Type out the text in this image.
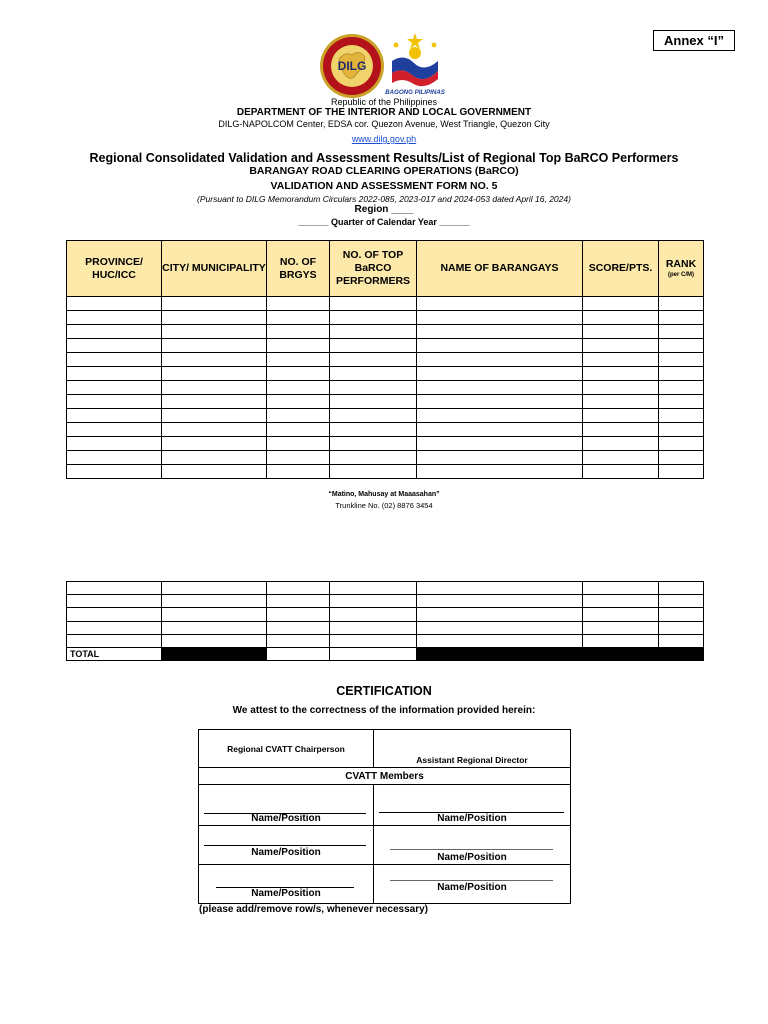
Annex “I”
DILG
BAGONG PILIPINAS
Republic of the Philippines
DEPARTMENT OF THE INTERIOR AND LOCAL GOVERNMENT
DILG-NAPOLCOM Center, EDSA cor. Quezon Avenue, West Triangle, Quezon City
www.dilg.gov.ph
Regional Consolidated Validation and Assessment Results/List of Regional Top BaRCO Performers
BARANGAY ROAD CLEARING OPERATIONS (BaRCO)
VALIDATION AND ASSESSMENT FORM NO. 5
(Pursuant to DILG Memorandum Circulars 2022-085, 2023-017 and 2024-053 dated April 16, 2024)
Region ____
______ Quarter of Calendar Year ______
PROVINCE/ HUC/ICC	CITY/ MUNICIPALITY	NO. OF BRGYS	NO. OF TOP BaRCO PERFORMERS	NAME OF BARANGAYS	SCORE/PTS.	RANK
(per C/M)

“Matino, Mahusay at Maaasahan”
Trunkline No. (02) 8876 3454

TOTAL						
CERTIFICATION
We attest to the correctness of the information provided herein:
Regional CVATT Chairperson	Assistant Regional Director
CVATT Members	

Name/Position	Name/Position

Name/Position	Name/Position

Name/Position	Name/Position
(please add/remove row/s, whenever necessary)
